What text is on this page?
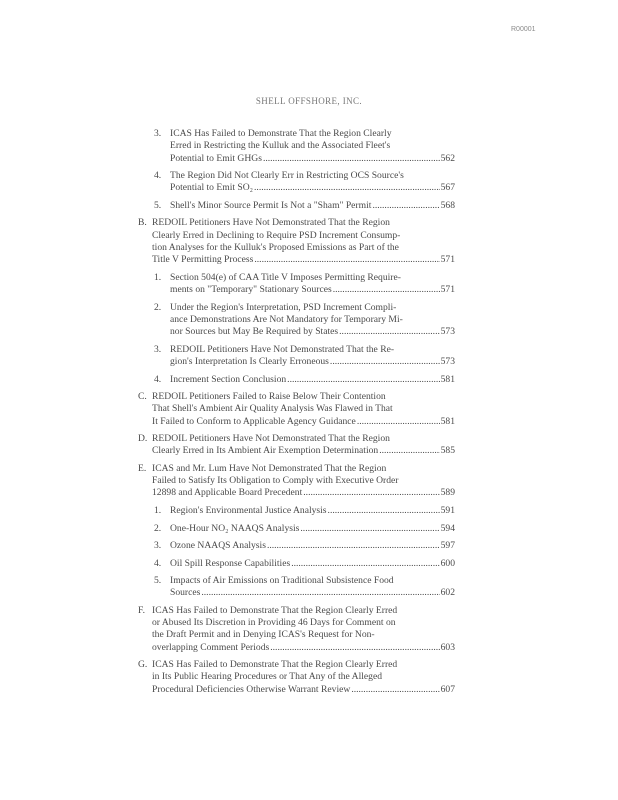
R00001
SHELL OFFSHORE, INC.
3. ICAS Has Failed to Demonstrate That the Region Clearly
Erred in Restricting the Kulluk and the Associated Fleet's
Potential to Emit GHGs .....	562
4. The Region Did Not Clearly Err in Restricting OCS Source's
Potential to Emit SO₂ .....	567
5. Shell's Minor Source Permit Is Not a "Sham" Permit .....	568
B. REDOIL Petitioners Have Not Demonstrated That the Region
Clearly Erred in Declining to Require PSD Increment Consump-
tion Analyses for the Kulluk's Proposed Emissions as Part of the
Title V Permitting Process .....	571
1. Section 504(e) of CAA Title V Imposes Permitting Require-
ments on "Temporary" Stationary Sources .....	571
2. Under the Region's Interpretation, PSD Increment Compli-
ance Demonstrations Are Not Mandatory for Temporary Mi-
nor Sources but May Be Required by States .....	573
3. REDOIL Petitioners Have Not Demonstrated That the Re-
gion's Interpretation Is Clearly Erroneous .....	573
4. Increment Section Conclusion .....	581
C. REDOIL Petitioners Failed to Raise Below Their Contention
That Shell's Ambient Air Quality Analysis Was Flawed in That
It Failed to Conform to Applicable Agency Guidance .....	581
D. REDOIL Petitioners Have Not Demonstrated That the Region
Clearly Erred in Its Ambient Air Exemption Determination .....	585
E. ICAS and Mr. Lum Have Not Demonstrated That the Region
Failed to Satisfy Its Obligation to Comply with Executive Order
12898 and Applicable Board Precedent .....	589
1. Region's Environmental Justice Analysis .....	591
2. One-Hour NO₂ NAAQS Analysis .....	594
3. Ozone NAAQS Analysis .....	597
4. Oil Spill Response Capabilities .....	600
5. Impacts of Air Emissions on Traditional Subsistence Food
Sources .....	602
F. ICAS Has Failed to Demonstrate That the Region Clearly Erred
or Abused Its Discretion in Providing 46 Days for Comment on
the Draft Permit and in Denying ICAS's Request for Non-
overlapping Comment Periods .....	603
G. ICAS Has Failed to Demonstrate That the Region Clearly Erred
in Its Public Hearing Procedures or That Any of the Alleged
Procedural Deficiencies Otherwise Warrant Review .....	607
